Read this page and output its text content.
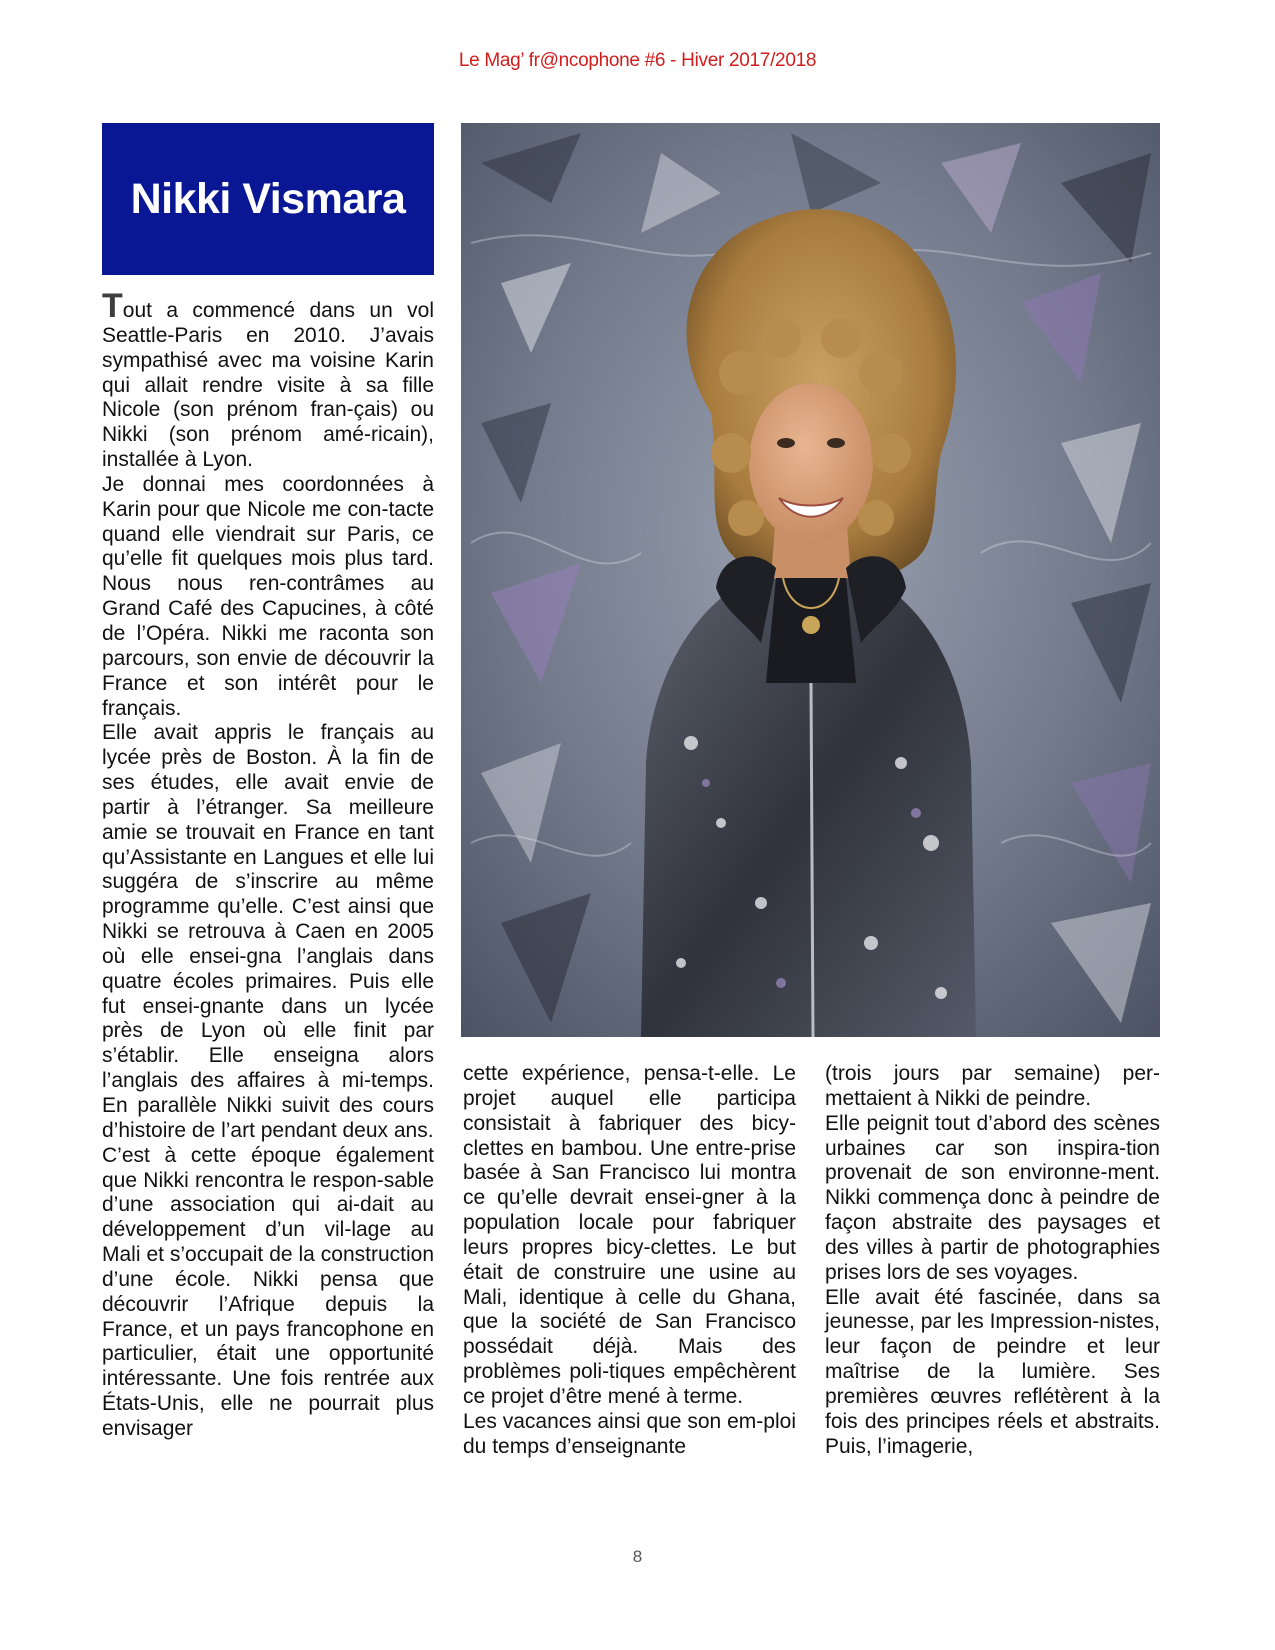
Le Mag’ fr@ncophone #6 - Hiver 2017/2018
Nikki Vismara

Tout a commencé dans un vol Seattle-Paris en 2010. J’avais sympathisé avec ma voisine Karin qui allait rendre visite à sa fille Nicole (son prénom fran-çais) ou Nikki (son prénom amé-ricain), installée à Lyon.

Je donnai mes coordonnées à Karin pour que Nicole me con-tacte quand elle viendrait sur Paris, ce qu’elle fit quelques mois plus tard. Nous nous ren-contrâmes au Grand Café des Capucines, à côté de l’Opéra. Nikki me raconta son parcours, son envie de découvrir la France et son intérêt pour le français.

Elle avait appris le français au lycée près de Boston. À la fin de ses études, elle avait envie de partir à l’étranger. Sa meilleure amie se trouvait en France en tant qu’Assistante en Langues et elle lui suggéra de s’inscrire au même programme qu’elle. C’est ainsi que Nikki se retrouva à Caen en 2005 où elle ensei-gna l’anglais dans quatre écoles primaires. Puis elle fut ensei-gnante dans un lycée près de Lyon où elle finit par s’établir. Elle enseigna alors l’anglais des affaires à mi-temps. En parallèle Nikki suivit des cours d’histoire de l’art pendant deux ans.

C’est à cette époque également que Nikki rencontra le respon-sable d’une association qui ai-dait au développement d’un vil-lage au Mali et s’occupait de la construction d’une école. Nikki pensa que découvrir l’Afrique depuis la France, et un pays francophone en particulier, était une opportunité intéressante. Une fois rentrée aux États-Unis, elle ne pourrait plus envisager

cette expérience, pensa-t-elle. Le projet auquel elle participa consistait à fabriquer des bicy-clettes en bambou. Une entre-prise basée à San Francisco lui montra ce qu’elle devrait ensei-gner à la population locale pour fabriquer leurs propres bicy-clettes. Le but était de construire une usine au Mali, identique à celle du Ghana, que la société de San Francisco possédait déjà. Mais des problèmes poli-tiques empêchèrent ce projet d’être mené à terme.

Les vacances ainsi que son em-ploi du temps d’enseignante

(trois jours par semaine) per-mettaient à Nikki de peindre.

Elle peignit tout d’abord des scènes urbaines car son inspira-tion provenait de son environne-ment. Nikki commença donc à peindre de façon abstraite des paysages et des villes à partir de photographies prises lors de ses voyages.

Elle avait été fascinée, dans sa jeunesse, par les Impression-nistes, leur façon de peindre et leur maîtrise de la lumière. Ses premières œuvres reflétèrent à la fois des principes réels et abstraits. Puis, l’imagerie,

8
